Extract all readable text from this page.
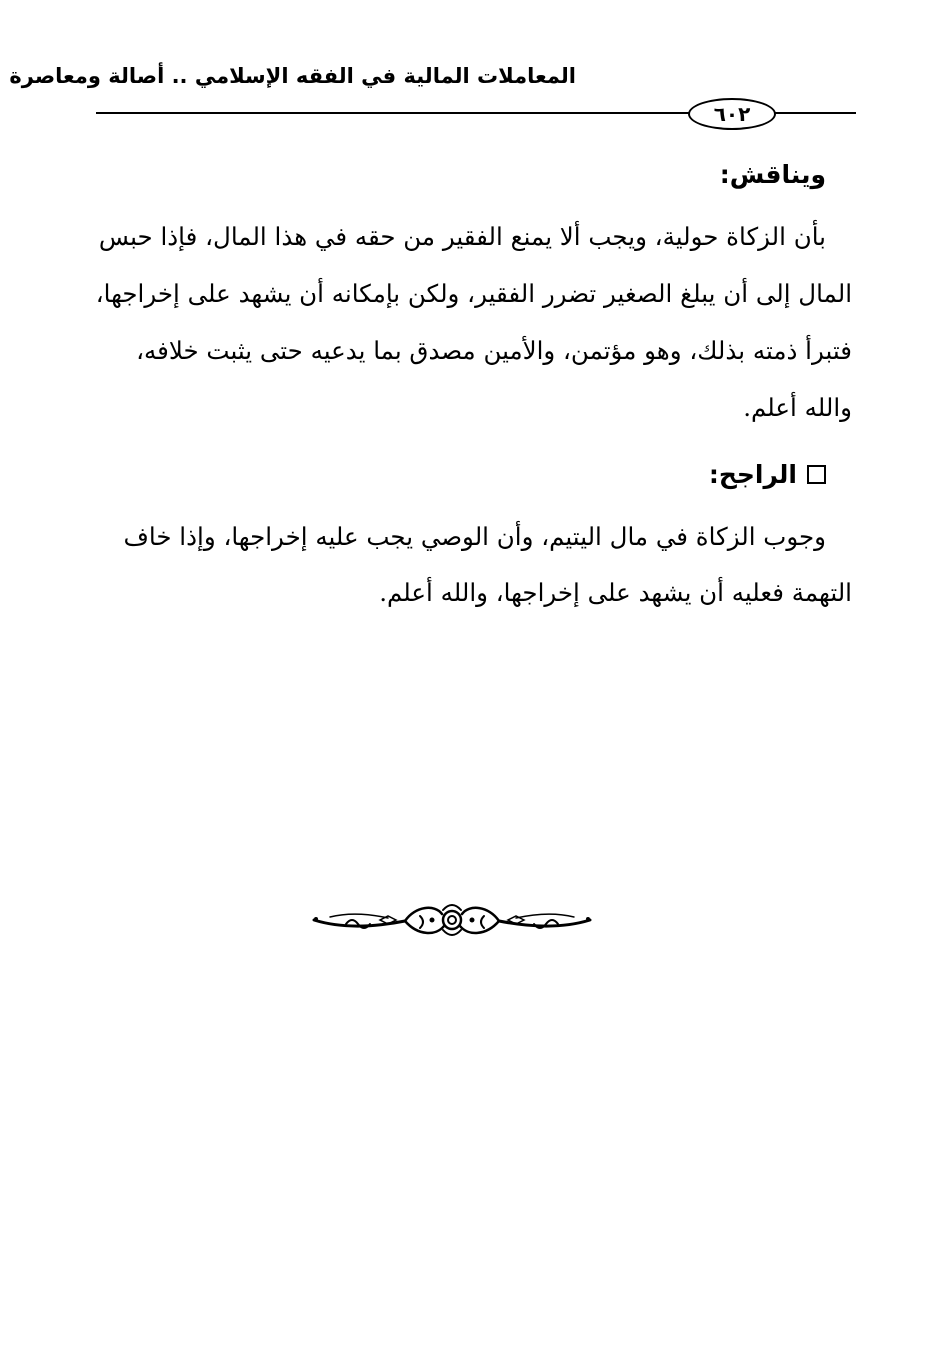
المعاملات المالية في الفقه الإسلامي .. أصالة ومعاصرة
٦٠٢
ويناقش:
بأن الزكاة حولية، ويجب ألا يمنع الفقير من حقه في هذا المال، فإذا حبس
المال إلى أن يبلغ الصغير تضرر الفقير، ولكن بإمكانه أن يشهد على إخراجها،
فتبرأ ذمته بذلك، وهو مؤتمن، والأمين مصدق بما يدعيه حتى يثبت خلافه،
والله أعلم.
الراجح:
وجوب الزكاة في مال اليتيم، وأن الوصي يجب عليه إخراجها، وإذا خاف
التهمة فعليه أن يشهد على إخراجها، والله أعلم.
